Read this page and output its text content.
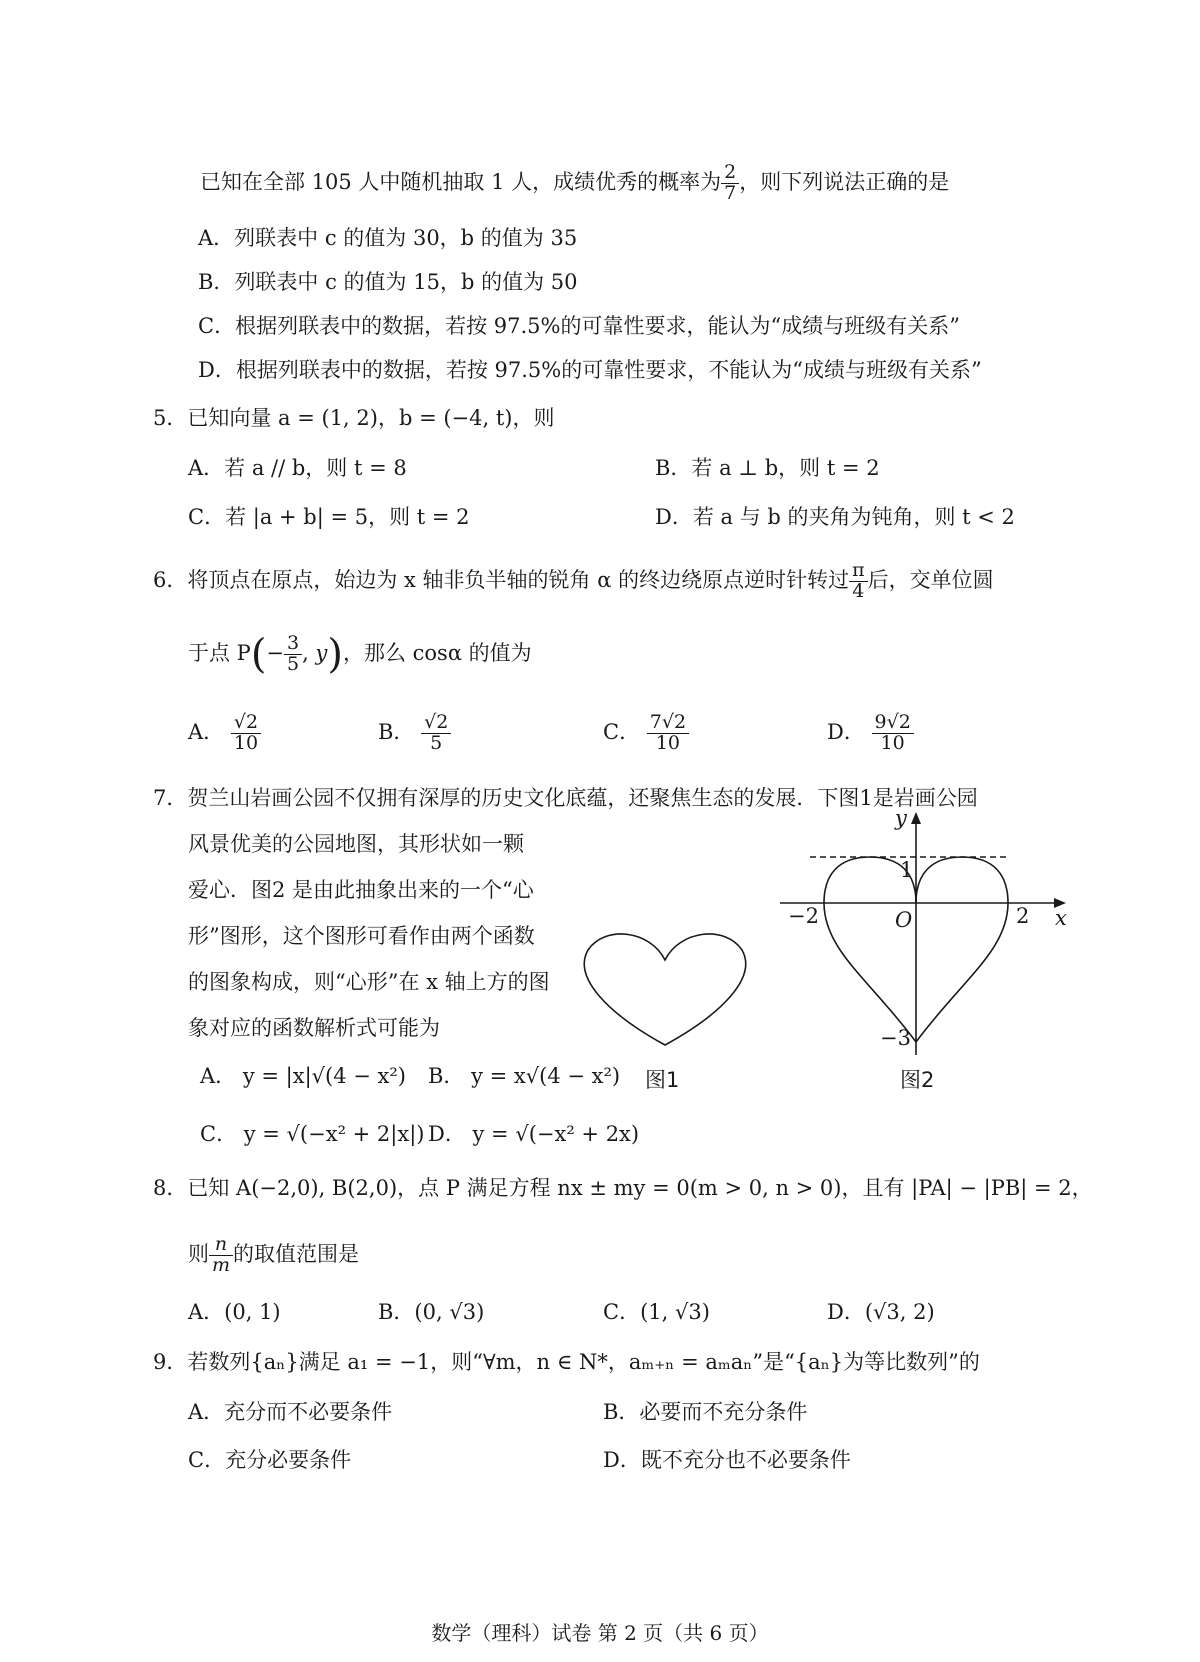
已知在全部 105 人中随机抽取 1 人，成绩优秀的概率为 $\frac{2}{7}$ ，则下列说法正确的是
A．列联表中 c 的值为 30，b 的值为 35
B．列联表中 c 的值为 15，b 的值为 50
C．根据列联表中的数据，若按 97.5%的可靠性要求，能认为“成绩与班级有关系”
D．根据列联表中的数据，若按 97.5%的可靠性要求，不能认为“成绩与班级有关系”
5．已知向量 a = (1, 2)，b = (−4, t)，则
A．若 a // b，则 t = 8	B．若 a ⊥ b，则 t = 2
C．若 |a + b| = 5，则 t = 2	D．若 a 与 b 的夹角为钝角，则 t < 2
6．将顶点在原点，始边为 x 轴非负半轴的锐角 α 的终边绕原点逆时针转过 $\frac{\pi}{4}$ 后，交单位圆
于点 $P(- \frac{3}{5}$ , y)，那么 cosα 的值为
A． $\frac{√2}{10}$	B． $\frac{√2}{5}$	C． $\frac{7√2}{10}$	D． $\frac{9√2}{10}$
7．贺兰山岩画公园不仅拥有深厚的历史文化底蕴，还聚焦生态的发展．下图1是岩画公园
风景优美的公园地图，其形状如一颗
爱心．图2 是由此抽象出来的一个“心
形”图形，这个图形可看作由两个函数
的图象构成，则“心形”在 x 轴上方的图
象对应的函数解析式可能为
A． y = |x|√(4 − x²) B． y = x√(4 − x²)
C． y = √(−x² + 2|x|) D． y = √(−x² + 2x)
图1
y
x
O
−2	2
1
−3
图2
8．已知 A(−2,0), B(2,0)，点 P 满足方程 nx ± my = 0(m > 0, n > 0)，且有 |PA| − |PB| = 2，
则 $\frac{n}{m}$ 的取值范围是
A．(0, 1)	B．(0, √3)	C．(1, √3)	D．(√3, 2)
9．若数列{aₙ}满足 a₁ = −1，则“∀m，n ∈ N*，aₘ₊ₙ = aₘaₙ”是“{aₙ}为等比数列”的
A．充分而不必要条件	B．必要而不充分条件
C．充分必要条件	D．既不充分也不必要条件
数学（理科）试卷 第 2 页（共 6 页）
